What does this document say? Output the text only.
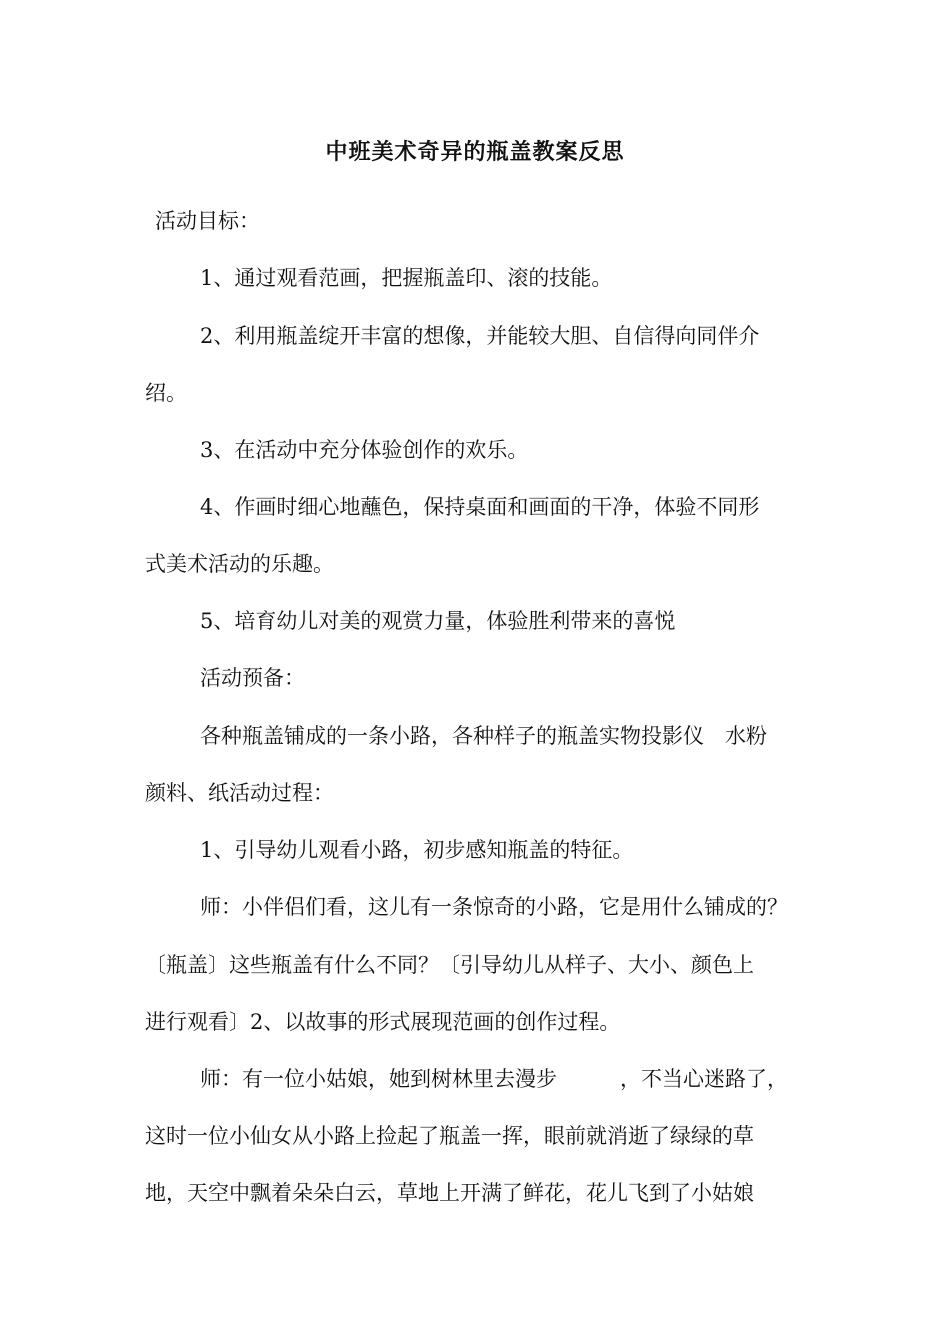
中班美术奇异的瓶盖教案反思
活动目标：
1、通过观看范画，把握瓶盖印、滚的技能。
2、利用瓶盖绽开丰富的想像，并能较大胆、自信得向同伴介
绍。
3、在活动中充分体验创作的欢乐。
4、作画时细心地蘸色，保持桌面和画面的干净，体验不同形
式美术活动的乐趣。
5、培育幼儿对美的观赏力量，体验胜利带来的喜悦
活动预备：
各种瓶盖铺成的一条小路，各种样子的瓶盖实物投影仪　水粉
颜料、纸活动过程：
1、引导幼儿观看小路，初步感知瓶盖的特征。
师：小伴侣们看，这儿有一条惊奇的小路，它是用什么铺成的？
〔瓶盖〕这些瓶盖有什么不同？〔引导幼儿从样子、大小、颜色上
进行观看〕2、以故事的形式展现范画的创作过程。
师：有一位小姑娘，她到树林里去漫步　　　，不当心迷路了，
这时一位小仙女从小路上捡起了瓶盖一挥，眼前就消逝了绿绿的草
地，天空中飘着朵朵白云，草地上开满了鲜花，花儿飞到了小姑娘
